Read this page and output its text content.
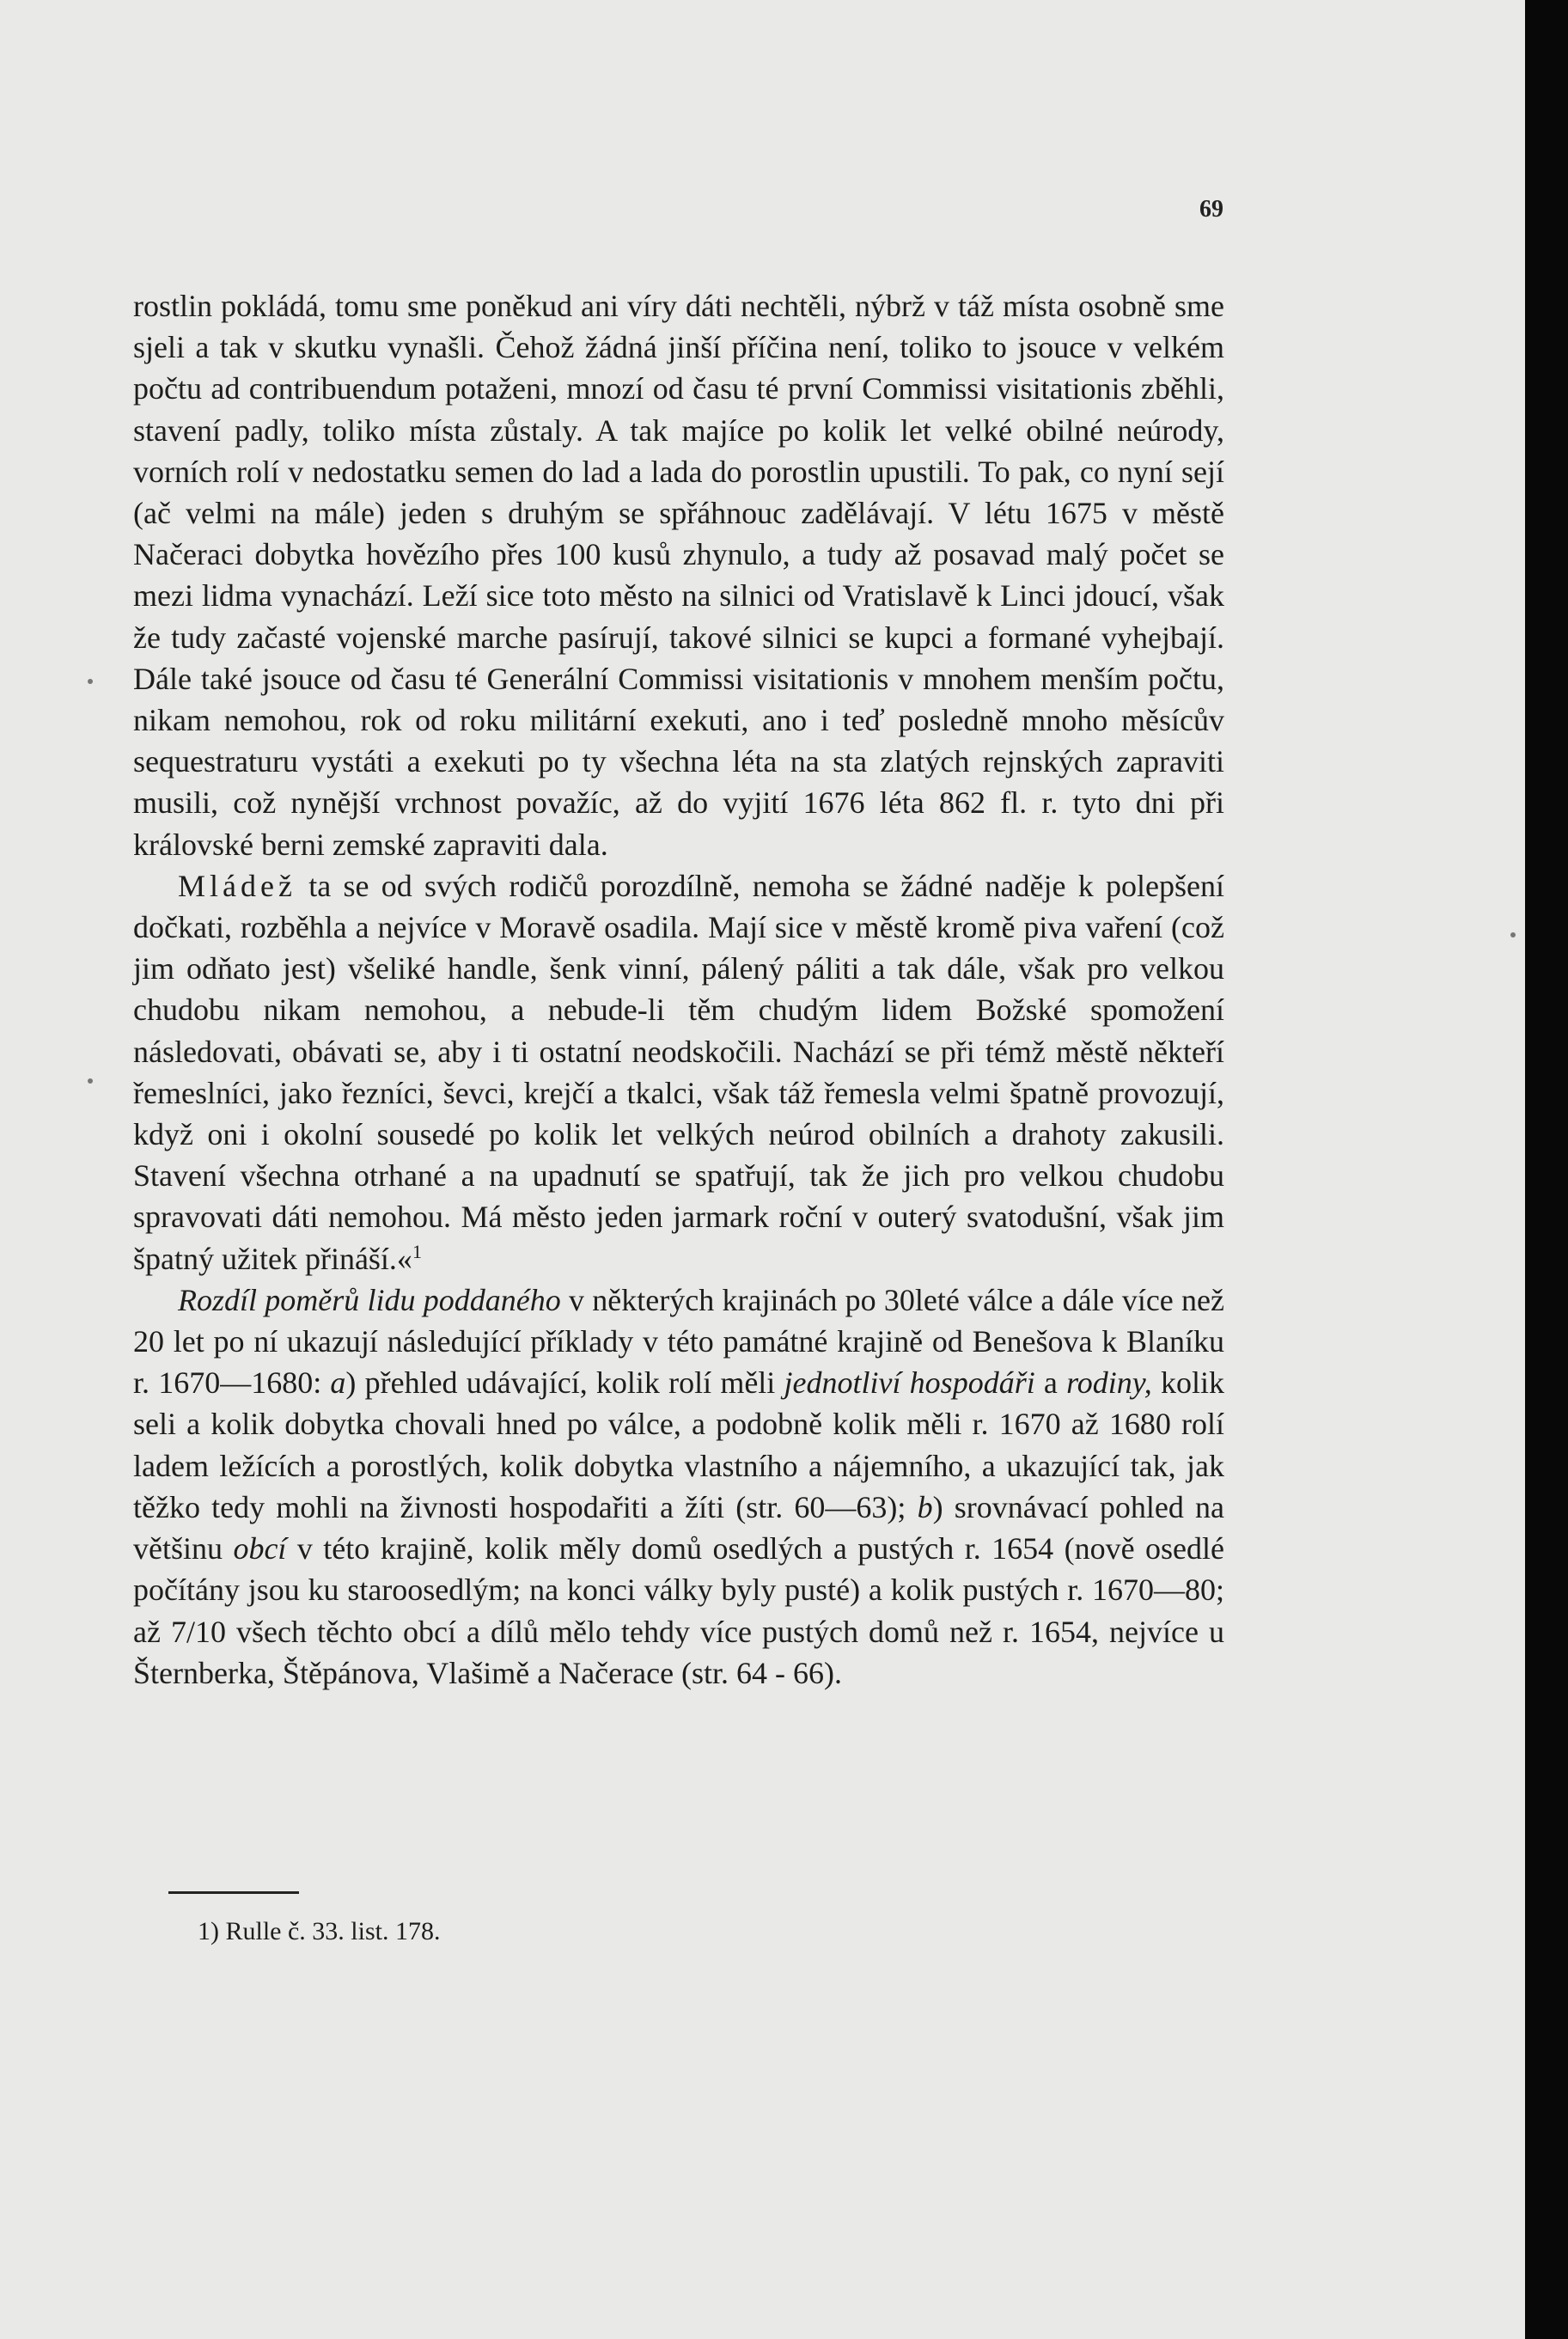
69

rostlin pokládá, tomu sme poněkud ani víry dáti nechtěli, nýbrž v táž místa osobně sme sjeli a tak v skutku vynašli. Čehož žádná jinší příčina není, toliko to jsouce v velkém počtu ad contribuendum potaženi, mnozí od času té první Commissi visitationis zběhli, stavení padly, toliko místa zůstaly. A tak majíce po kolik let velké obilné neúrody, vorních rolí v nedostatku semen do lad a lada do porostlin upustili. To pak, co nyní sejí (ač velmi na mále) jeden s druhým se spřáhnouc zadělávají. V létu 1675 v městě Načeraci dobytka hovězího přes 100 kusů zhynulo, a tudy až posavad malý počet se mezi lidma vynachází. Leží sice toto město na silnici od Vratislavě k Linci jdoucí, však že tudy začasté vojenské marche pasírují, takové silnici se kupci a formané vyhejbají. Dále také jsouce od času té Generální Commissi visitationis v mnohem menším počtu, nikam nemohou, rok od roku militární exekuti, ano i teď posledně mnoho měsícův sequestraturu vystáti a exekuti po ty všechna léta na sta zlatých rejnských zapraviti musili, což nynější vrchnost považíc, až do vyjití 1676 léta 862 fl. r. tyto dni při královské berni zemské zapraviti dala.

Mládež ta se od svých rodičů porozdílně, nemoha se žádné naděje k polepšení dočkati, rozběhla a nejvíce v Moravě osadila. Mají sice v městě kromě piva vaření (což jim odňato jest) všeliké handle, šenk vinní, pálený páliti a tak dále, však pro velkou chudobu nikam nemohou, a nebude-li těm chudým lidem Božské spomožení následovati, obávati se, aby i ti ostatní neodskočili. Nachází se při témž městě někteří řemeslníci, jako řezníci, ševci, krejčí a tkalci, však táž řemesla velmi špatně provozují, když oni i okolní sousedé po kolik let velkých neúrod obilních a drahoty zakusili. Stavení všechna otrhané a na upadnutí se spatřují, tak že jich pro velkou chudobu spravovati dáti nemohou. Má město jeden jarmark roční v outerý svatodušní, však jim špatný užitek přináší.«$^1$

Rozdíl poměrů lidu poddaného v některých krajinách po 30leté válce a dále více než 20 let po ní ukazují následující příklady v této památné krajině od Benešova k Blaníku r. 1670—1680: a) přehled udávající, kolik rolí měli jednotliví hospodáři a rodiny, kolik seli a kolik dobytka chovali hned po válce, a podobně kolik měli r. 1670 až 1680 rolí ladem ležících a porostlých, kolik dobytka vlastního a nájemního, a ukazující tak, jak těžko tedy mohli na živnosti hospodařiti a žíti (str. 60—63); b) srovnávací pohled na většinu obcí v této krajině, kolik měly domů osedlých a pustých r. 1654 (nově osedlé počítány jsou ku staroosedlým; na konci války byly pusté) a kolik pustých r. 1670—80; až 7/10 všech těchto obcí a dílů mělo tehdy více pustých domů než r. 1654, nejvíce u Šternberka, Štěpánova, Vlašimě a Načerace (str. 64 - 66).

1) Rulle č. 33. list. 178.
